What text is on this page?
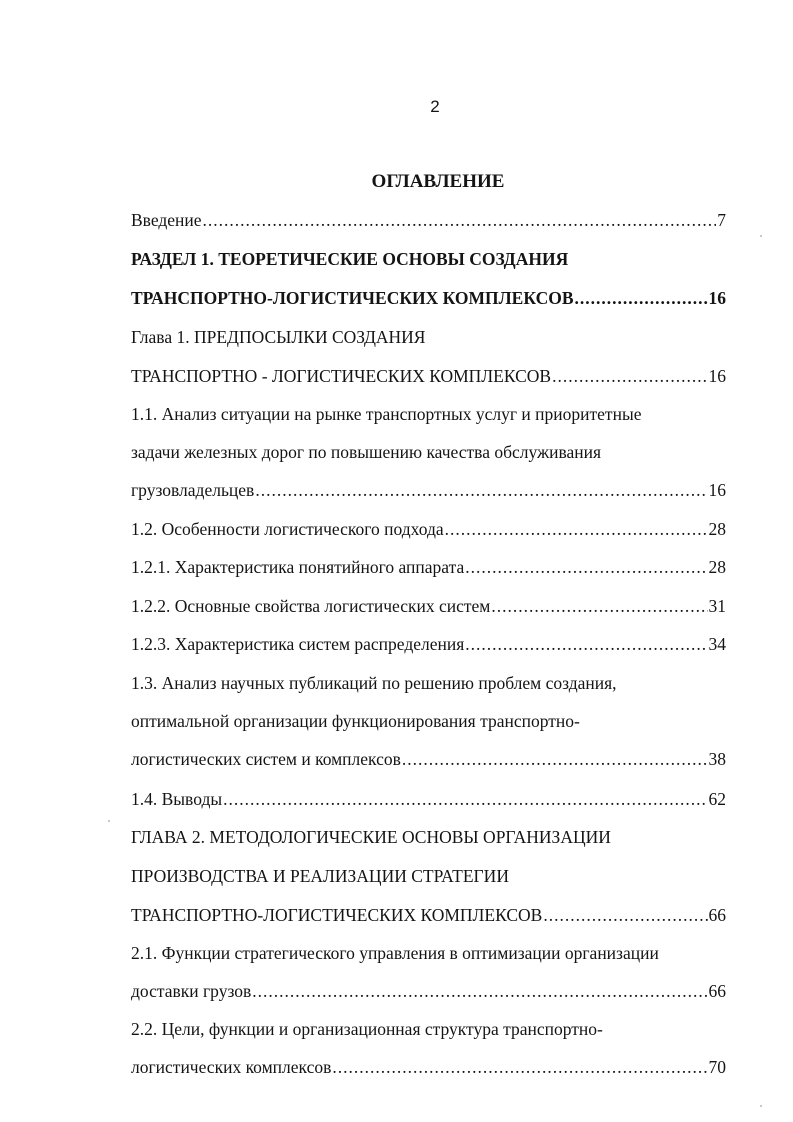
2
ОГЛАВЛЕНИЕ
Введение .....	7
РАЗДЕЛ 1. ТЕОРЕТИЧЕСКИЕ ОСНОВЫ СОЗДАНИЯ
ТРАНСПОРТНО-ЛОГИСТИЧЕСКИХ КОМПЛЕКСОВ .....	16
Глава 1. ПРЕДПОСЫЛКИ СОЗДАНИЯ
ТРАНСПОРТНО - ЛОГИСТИЧЕСКИХ КОМПЛЕКСОВ .....	16
1.1. Анализ ситуации на рынке транспортных услуг и приоритетные
задачи железных дорог по повышению качества обслуживания
грузовладельцев .....	16
1.2. Особенности логистического подхода .....	28
1.2.1. Характеристика понятийного аппарата .....	28
1.2.2. Основные свойства логистических систем .....	31
1.2.3. Характеристика систем распределения .....	34
1.3. Анализ научных публикаций по решению проблем создания,
оптимальной организации функционирования транспортно-
логистических систем и комплексов .....	38
1.4. Выводы .....	62
ГЛАВА 2. МЕТОДОЛОГИЧЕСКИЕ ОСНОВЫ ОРГАНИЗАЦИИ
ПРОИЗВОДСТВА И РЕАЛИЗАЦИИ СТРАТЕГИИ
ТРАНСПОРТНО-ЛОГИСТИЧЕСКИХ КОМПЛЕКСОВ .....	66
2.1. Функции стратегического управления в оптимизации организации
доставки грузов .....	66
2.2. Цели, функции и организационная структура транспортно-
логистических комплексов .....	70
